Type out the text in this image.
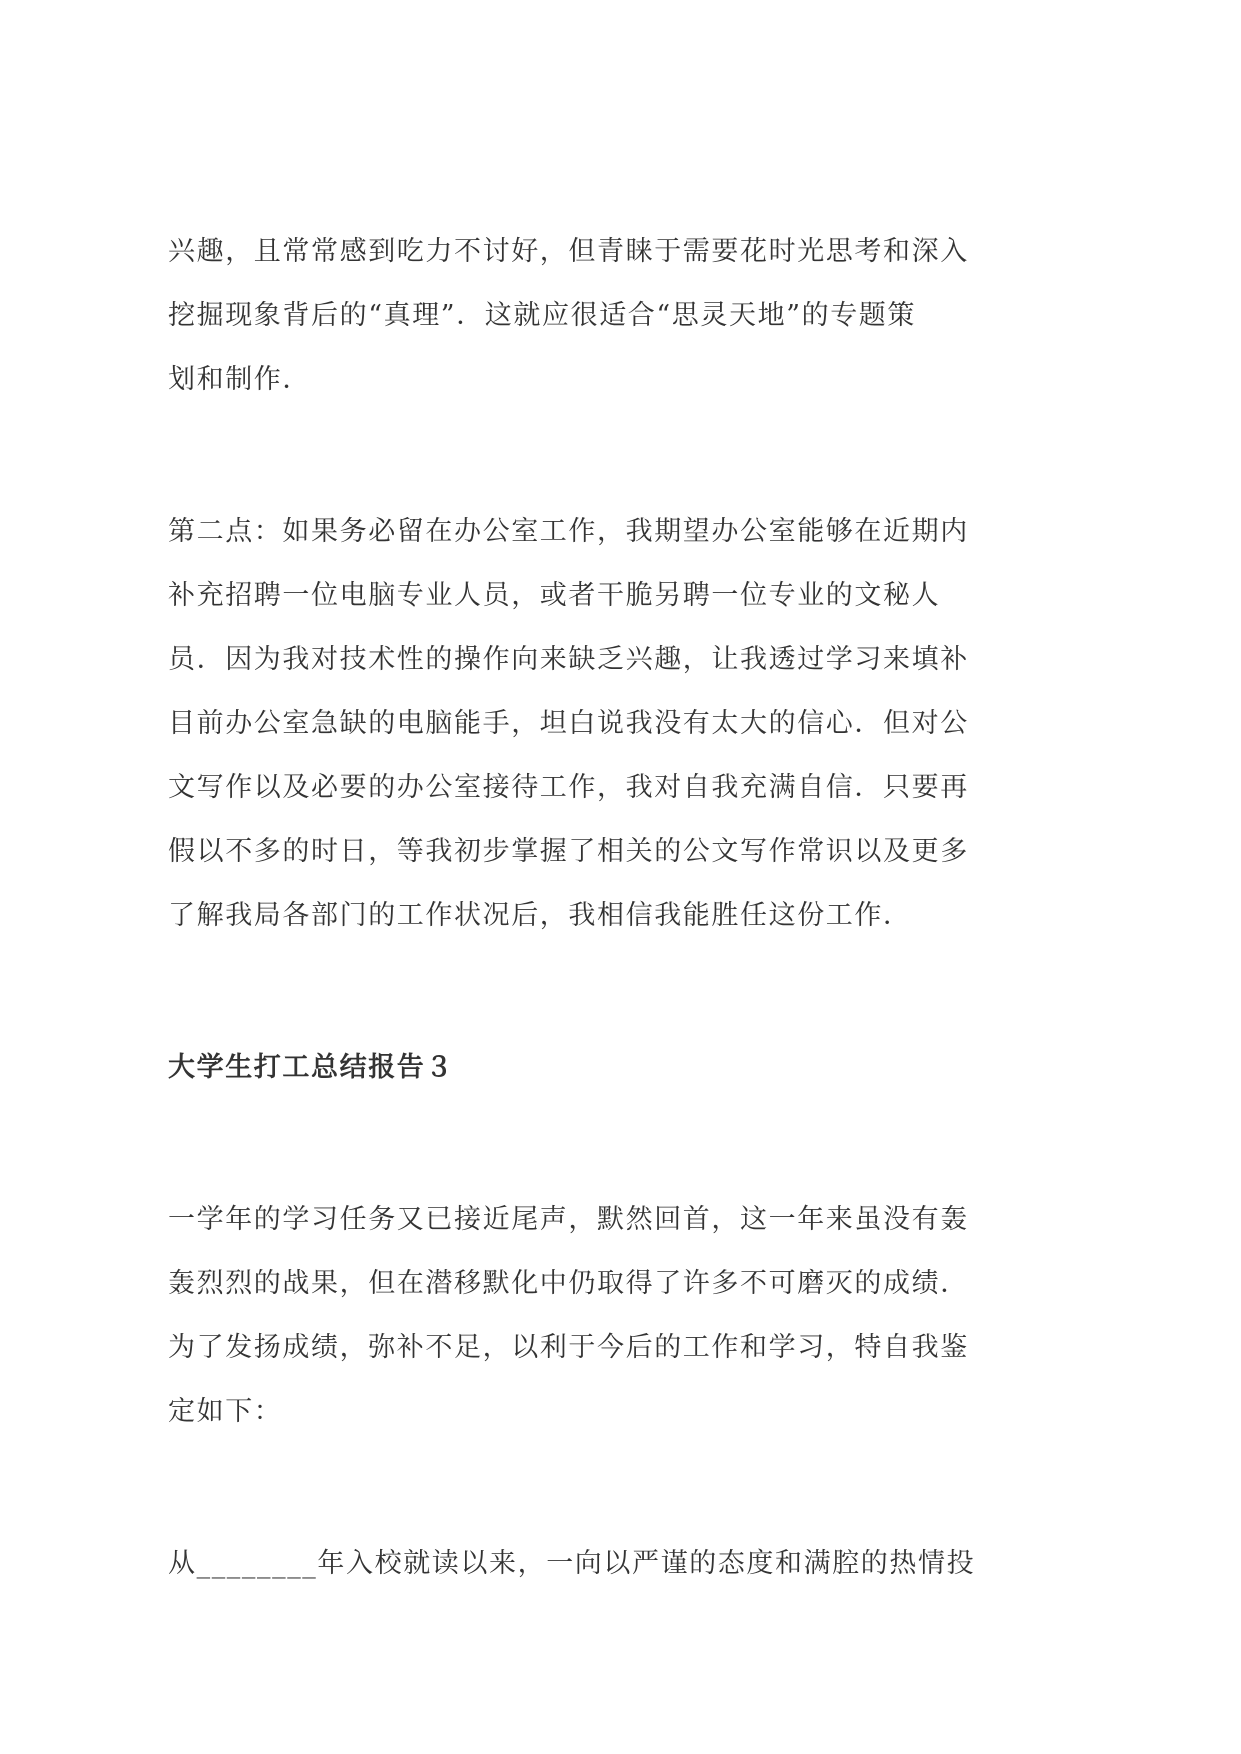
兴趣，且常常感到吃力不讨好，但青睐于需要花时光思考和深入

挖掘现象背后的“真理”．这就应很适合“思灵天地”的专题策

划和制作．

第二点：如果务必留在办公室工作，我期望办公室能够在近期内

补充招聘一位电脑专业人员，或者干脆另聘一位专业的文秘人

员．因为我对技术性的操作向来缺乏兴趣，让我透过学习来填补

目前办公室急缺的电脑能手，坦白说我没有太大的信心．但对公

文写作以及必要的办公室接待工作，我对自我充满自信．只要再

假以不多的时日，等我初步掌握了相关的公文写作常识以及更多

了解我局各部门的工作状况后，我相信我能胜任这份工作．

大学生打工总结报告３

一学年的学习任务又已接近尾声，默然回首，这一年来虽没有轰

轰烈烈的战果，但在潜移默化中仍取得了许多不可磨灭的成绩．

为了发扬成绩，弥补不足，以利于今后的工作和学习，特自我鉴

定如下：

从________年入校就读以来，一向以严谨的态度和满腔的热情投
